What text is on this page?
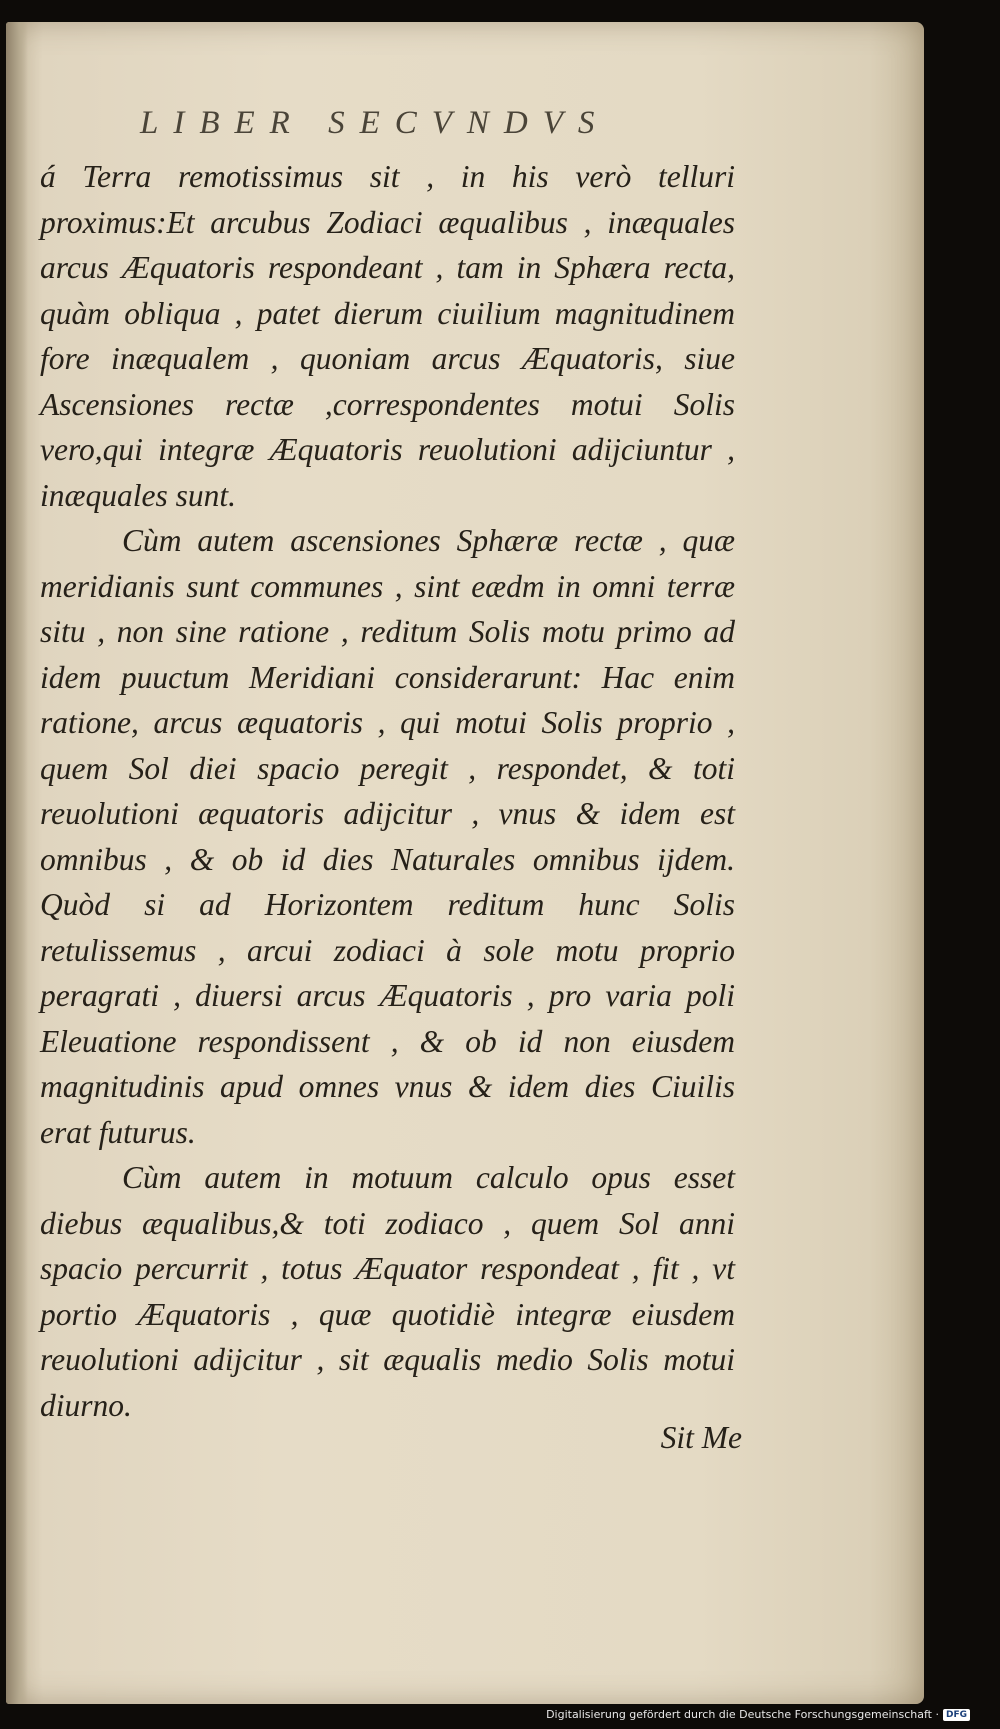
LIBER SECVNDVS

á Terra remotissimus sit , in his verò telluri proximus:Et arcubus Zodiaci æqualibus , inæquales arcus Æquatoris respondeant , tam in Sphæra recta, quàm obliqua , patet dierum ciuilium magnitudinem fore inæqualem , quoniam arcus Æquatoris, siue Ascensiones rectæ ,correspondentes motui Solis vero,qui integræ Æquatoris reuolutioni adijciuntur , inæquales sunt.

Cùm autem ascensiones Sphæræ rectæ , quæ meridianis sunt communes , sint eædm in omni terræ situ , non sine ratione , reditum Solis motu primo ad idem puuctum Meridiani considerarunt: Hac enim ratione, arcus æquatoris , qui motui Solis proprio , quem Sol diei spacio peregit , respondet, & toti reuolutioni æquatoris adijcitur , vnus & idem est omnibus , & ob id dies Naturales omnibus ijdem. Quòd si ad Horizontem reditum hunc Solis retulissemus , arcui zodiaci à sole motu proprio peragrati , diuersi arcus Æquatoris , pro varia poli Eleuatione respondissent , & ob id non eiusdem magnitudinis apud omnes vnus & idem dies Ciuilis erat futurus.

Cùm autem in motuum calculo opus esset diebus æqualibus,& toti zodiaco , quem Sol anni spacio percurrit , totus Æquator respondeat , fit , vt portio Æquatoris , quæ quotidiè integræ eiusdem reuolutioni adijcitur , sit æqualis medio Solis motui diurno.

Sit Me

Digitalisierung gefördert durch die Deutsche Forschungsgemeinschaft · DFG
